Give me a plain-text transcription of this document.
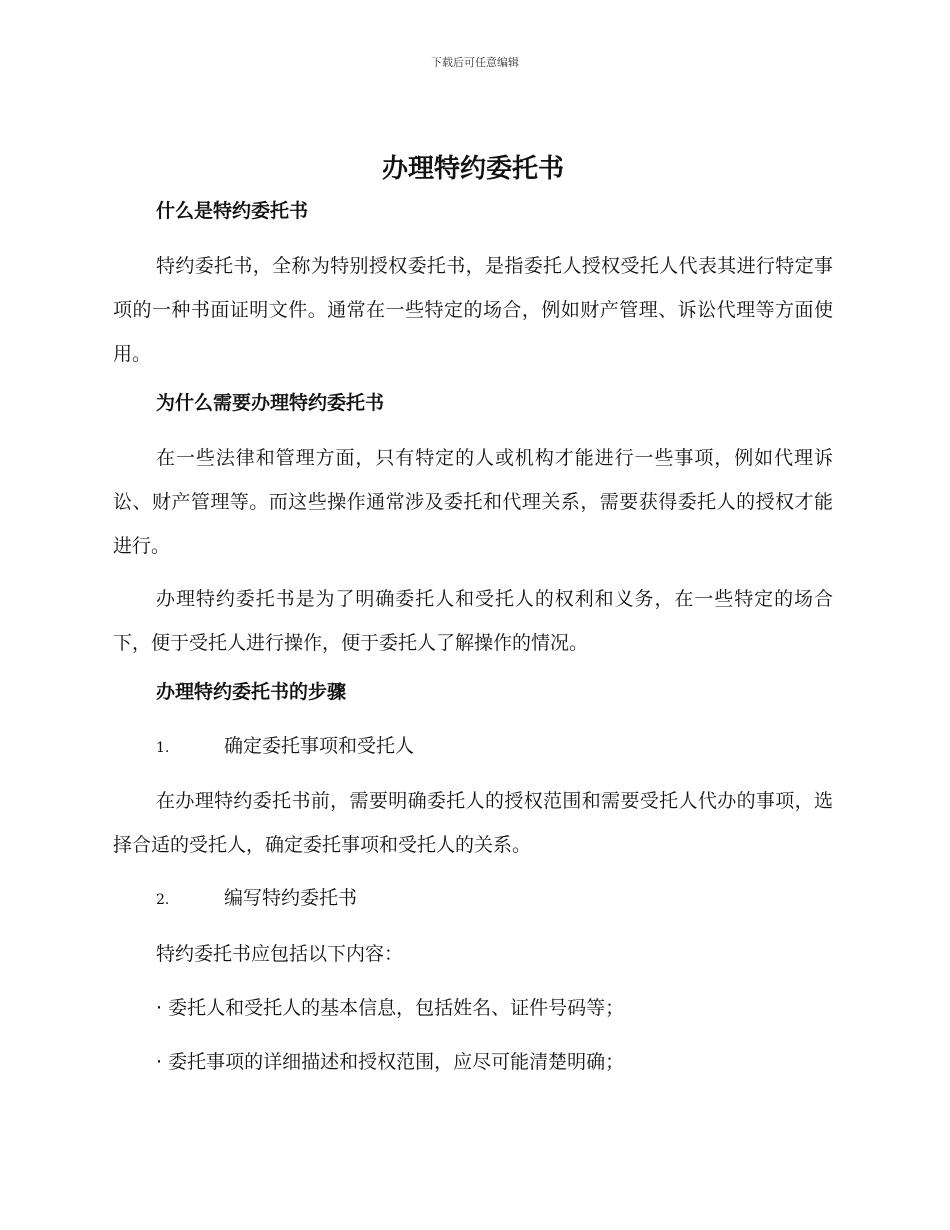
下载后可任意编辑
办理特约委托书

什么是特约委托书

特约委托书，全称为特别授权委托书，是指委托人授权受托人代表其进行特定事项的一种书面证明文件。通常在一些特定的场合，例如财产管理、诉讼代理等方面使用。

为什么需要办理特约委托书

在一些法律和管理方面，只有特定的人或机构才能进行一些事项，例如代理诉讼、财产管理等。而这些操作通常涉及委托和代理关系，需要获得委托人的授权才能进行。

办理特约委托书是为了明确委托人和受托人的权利和义务，在一些特定的场合下，便于受托人进行操作，便于委托人了解操作的情况。

办理特约委托书的步骤

1.	确定委托事项和受托人

在办理特约委托书前，需要明确委托人的授权范围和需要受托人代办的事项，选择合适的受托人，确定委托事项和受托人的关系。

2.	编写特约委托书

特约委托书应包括以下内容：

· 委托人和受托人的基本信息，包括姓名、证件号码等；

· 委托事项的详细描述和授权范围，应尽可能清楚明确；
